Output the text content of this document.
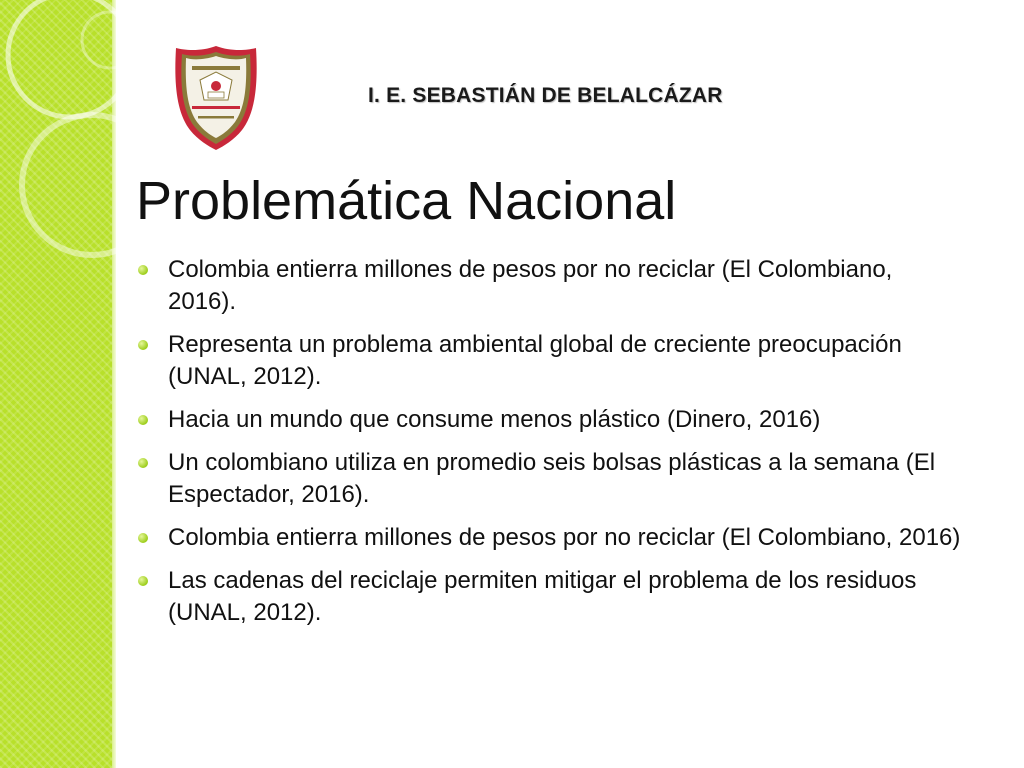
I. E. SEBASTIÁN DE BELALCÁZAR
Problemática Nacional
Colombia entierra millones de pesos por no reciclar (El Colombiano, 2016).
Representa un problema ambiental global de creciente preocupación (UNAL, 2012).
Hacia un mundo que consume menos plástico (Dinero, 2016)
Un colombiano utiliza en promedio seis bolsas plásticas a la semana (El Espectador, 2016).
Colombia entierra millones de pesos por no reciclar (El Colombiano, 2016)
Las cadenas del reciclaje permiten mitigar el problema de los residuos (UNAL, 2012).
